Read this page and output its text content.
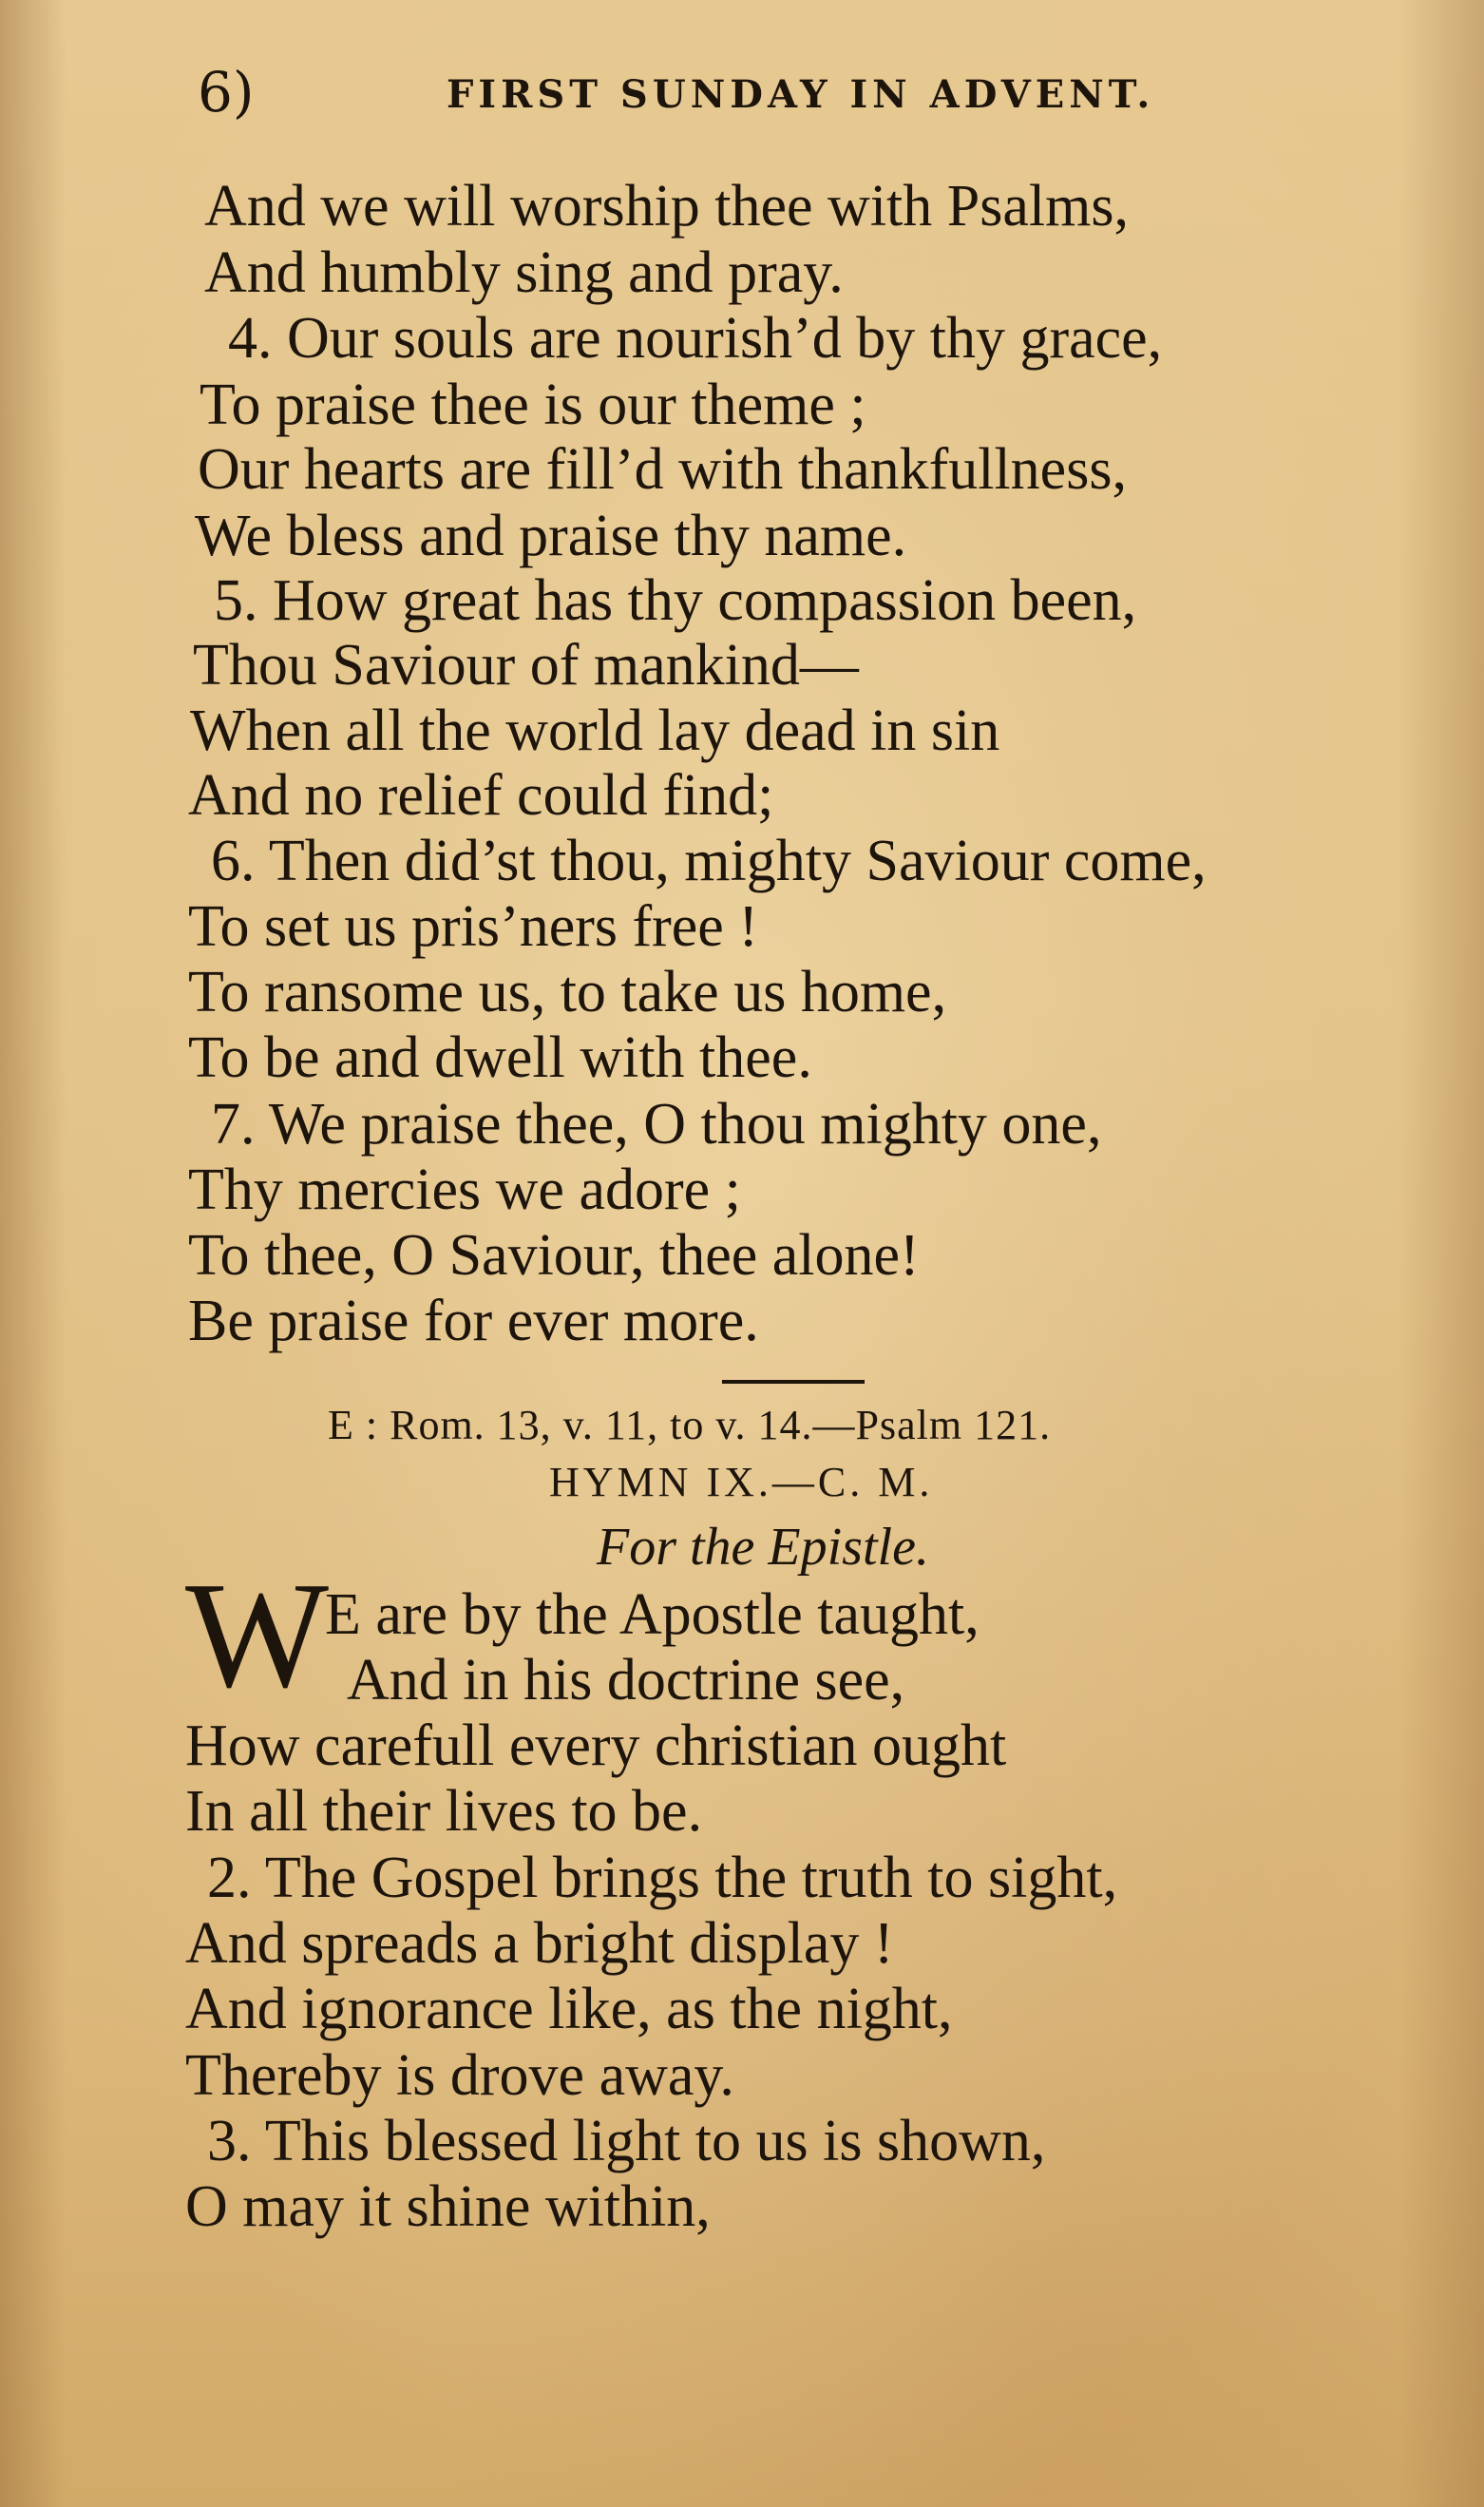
6)	FIRST SUNDAY IN ADVENT.
And we will worship thee with Psalms,
And humbly sing and pray.
4. Our souls are nourish’d by thy grace,
To praise thee is our theme ;
Our hearts are fill’d with thankfullness,
We bless and praise thy name.
5. How great has thy compassion been,
Thou Saviour of mankind—
When all the world lay dead in sin
And no relief could find;
6. Then did’st thou, mighty Saviour come,
To set us pris’ners free !
To ransome us, to take us home,
To be and dwell with thee.
7. We praise thee, O thou mighty one,
Thy mercies we adore ;
To thee, O Saviour, thee alone!
Be praise for ever more.
E : Rom. 13, v. 11, to v. 14.—Psalm 121.
HYMN IX.—C. M.
For the Epistle.
W
E are by the Apostle taught,
And in his doctrine see,
How carefull every christian ought
In all their lives to be.
2. The Gospel brings the truth to sight,
And spreads a bright display !
And ignorance like, as the night,
Thereby is drove away.
3. This blessed light to us is shown,
O may it shine within,
